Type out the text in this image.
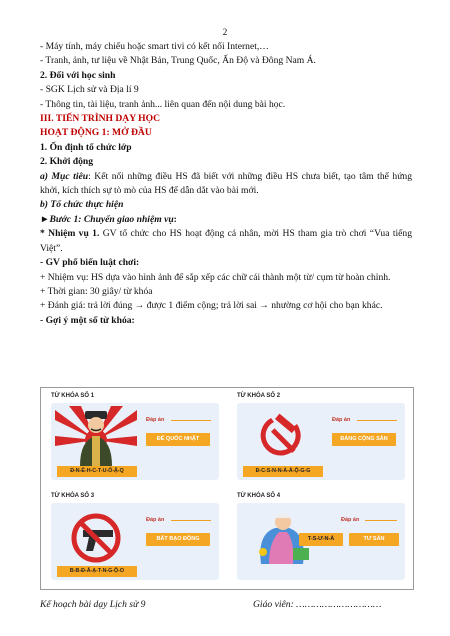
2

- Máy tính, máy chiếu hoặc smart tivi có kết nối Internet,…

- Tranh, ảnh, tư liệu về Nhật Bản, Trung Quốc, Ấn Độ và Đông Nam Á.

2. Đối với học sinh

- SGK Lịch sử và Địa lí 9

- Thông tin, tài liệu, tranh ảnh... liên quan đến nội dung bài học.

III. TIẾN TRÌNH DẠY HỌC

HOẠT ĐỘNG 1: MỞ ĐẦU

1. Ổn định tổ chức lớp

2. Khởi động

a) Mục tiêu: Kết nối những điều HS đã biết với những điều HS chưa biết, tạo tâm thế hứng khởi, kích thích sự tò mò của HS để dẫn dắt vào bài mới.

b) Tổ chức thực hiện

►Bước 1: Chuyển giao nhiệm vụ:

* Nhiệm vụ 1. GV tổ chức cho HS hoạt động cá nhân, mời HS tham gia trò chơi “Vua tiếng Việt”.

- GV phổ biến luật chơi:

+ Nhiệm vụ: HS dựa vào hình ảnh để sắp xếp các chữ cái thành một từ/ cụm từ hoàn chỉnh.

+ Thời gian: 30 giây/ từ khóa

+ Đánh giá: trả lời đúng → được 1 điểm cộng; trả lời sai → nhường cơ hội cho bạn khác.

- Gợi ý một số từ khóa:

TỪ KHÓA SỐ 1
Đáp án
ĐẾ QUỐC NHẬT
Đ-N-Ế-H-C-T-U-Ố-Ậ-Q
TỪ KHÓA SỐ 2
Đáp án
ĐẢNG CỘNG SẢN
Đ-C-S-N-N-Ả-Ả-Ộ-G-G
TỪ KHÓA SỐ 3
Đáp án
BẤT BẠO ĐỘNG
B-B-Đ-Ấ-Ạ-T-N-G-Ộ-O
TỪ KHÓA SỐ 4
Đáp án
T-S-Ư-N-Ả	TƯ SẢN
Kế hoạch bài dạy Lịch sử 9	Giáo viên: …………………………
